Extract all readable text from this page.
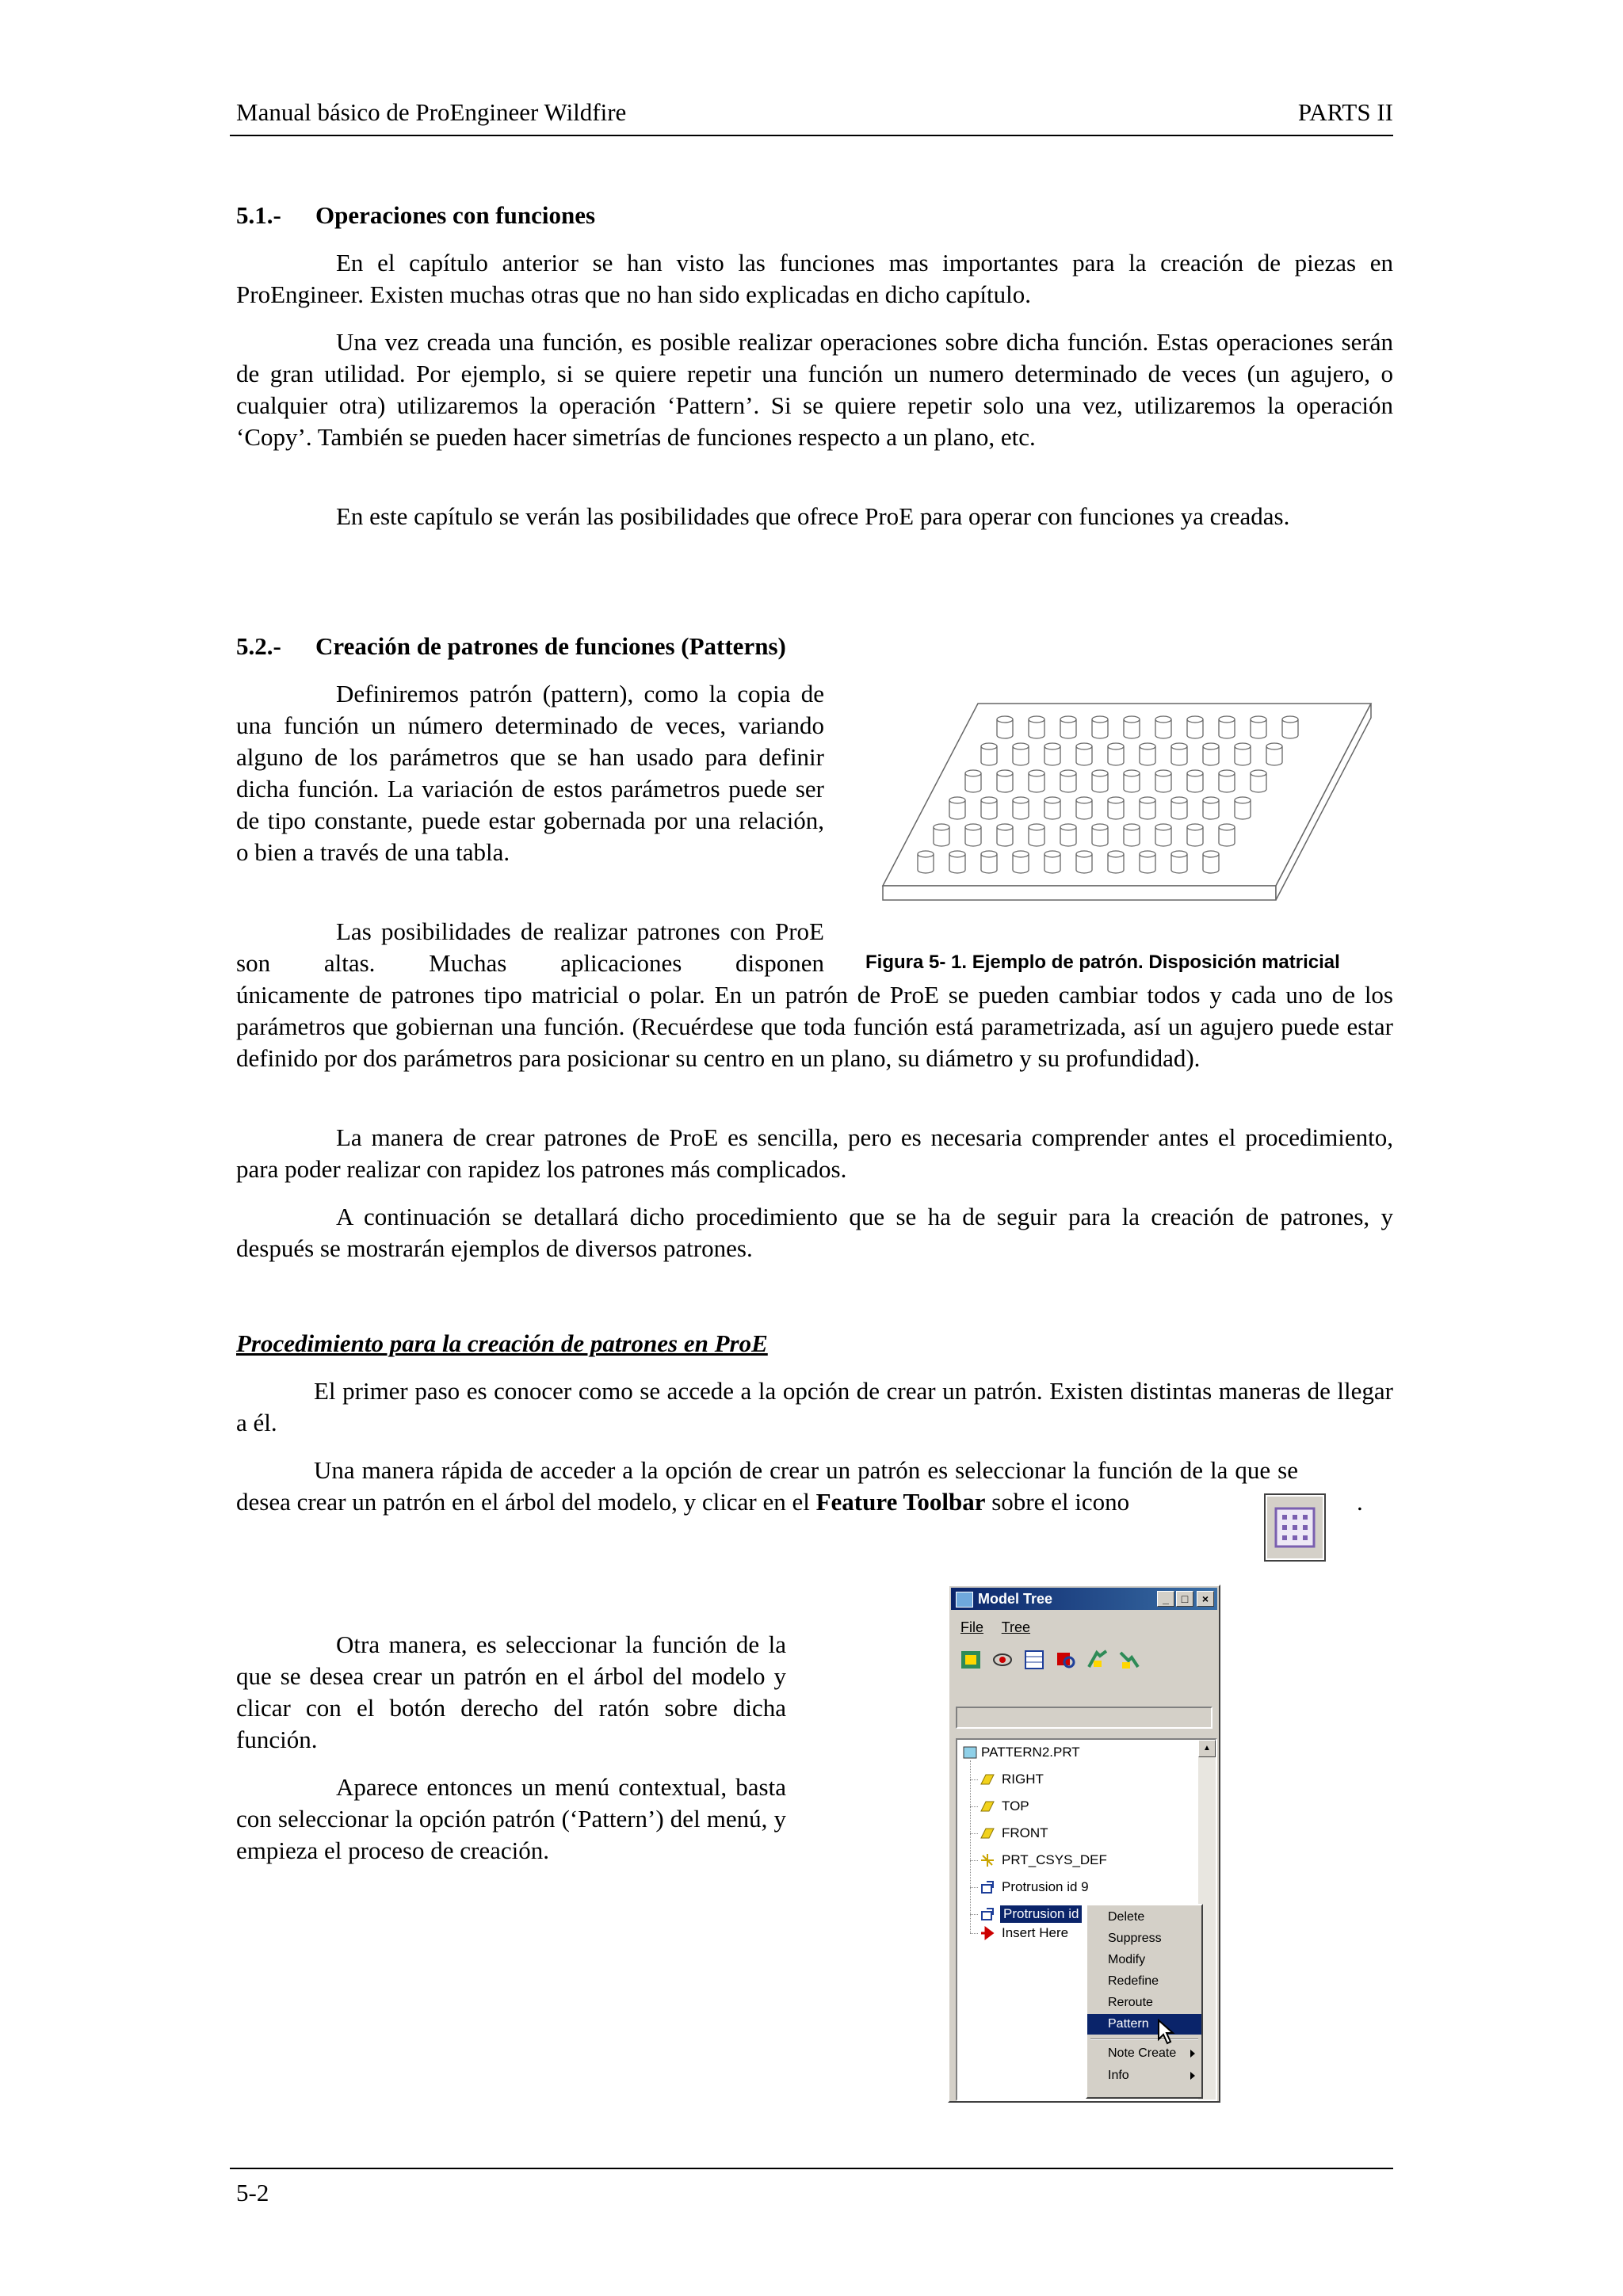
Manual básico de ProEngineer Wildfire	PARTS II
5.1.- Operaciones con funciones

En el capítulo anterior se han visto las funciones mas importantes para la creación de piezas en ProEngineer. Existen muchas otras que no han sido explicadas en dicho capítulo.

Una vez creada una función, es posible realizar operaciones sobre dicha función. Estas operaciones serán de gran utilidad. Por ejemplo, si se quiere repetir una función un numero determinado de veces (un agujero, o cualquier otra) utilizaremos la operación ‘Pattern’. Si se quiere repetir solo una vez, utilizaremos la operación ‘Copy’. También se pueden hacer simetrías de funciones respecto a un plano, etc.

En este capítulo se verán las posibilidades que ofrece ProE para operar con funciones ya creadas.

5.2.- Creación de patrones de funciones (Patterns)

Definiremos patrón (pattern), como la copia de una función un número determinado de veces, variando alguno de los parámetros que se han usado para definir dicha función. La variación de estos parámetros puede ser de tipo constante, puede estar gobernada por una relación, o bien a través de una tabla.

Las posibilidades de realizar patrones con ProE son altas. Muchas aplicaciones disponen

únicamente de patrones tipo matricial o polar. En un patrón de ProE se pueden cambiar todos y cada uno de los parámetros que gobiernan una función. (Recuérdese que toda función está parametrizada, así un agujero puede estar definido por dos parámetros para posicionar su centro en un plano, su diámetro y su profundidad).

La manera de crear patrones de ProE es sencilla, pero es necesaria comprender antes el procedimiento, para poder realizar con rapidez los patrones más complicados.

A continuación se detallará dicho procedimiento que se ha de seguir para la creación de patrones, y después se mostrarán ejemplos de diversos patrones.

Figura 5- 1. Ejemplo de patrón. Disposición matricial
Procedimiento para la creación de patrones en ProE

El primer paso es conocer como se accede a la opción de crear un patrón. Existen distintas maneras de llegar a él.

Una manera rápida de acceder a la opción de crear un patrón es seleccionar la función de la que se desea crear un patrón en el árbol del modelo, y clicar en el Feature Toolbar sobre el icono	.

Otra manera, es seleccionar la función de la que se desea crear un patrón en el árbol del modelo y clicar con el botón derecho del ratón sobre dicha función.

Aparece entonces un menú contextual, basta con seleccionar la opción patrón (‘Pattern’) del menú, y empieza el proceso de creación.

Model Tree	_	□	×
File Tree
▲
PATTERN2.PRT
RIGHT
TOP
FRONT
PRT_CSYS_DEF
Protrusion id 9
Protrusion id
Insert Here
Delete
Suppress
Modify
Redefine
Reroute
Pattern
Note Create
Info
5-2
